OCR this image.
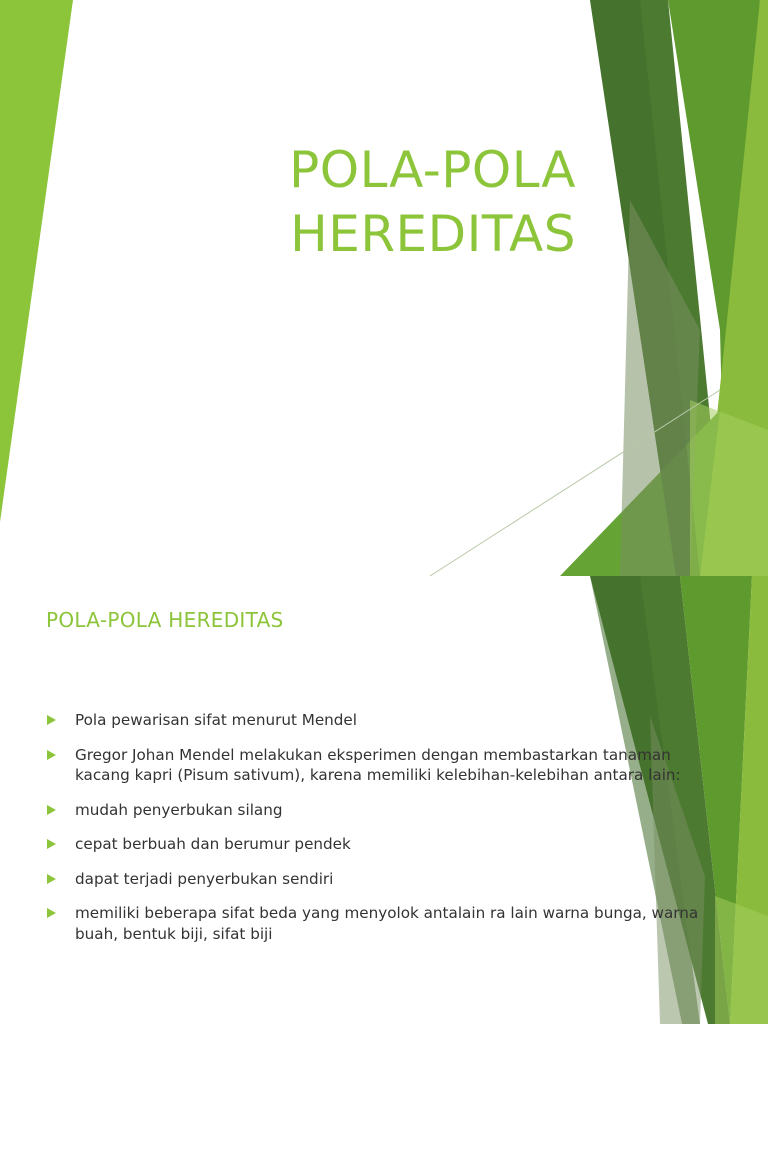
POLA-POLA
HEREDITAS
POLA-POLA HEREDITAS
Pola pewarisan sifat menurut Mendel
Gregor Johan Mendel melakukan eksperimen dengan membastarkan tanaman kacang kapri (Pisum sativum), karena memiliki kelebihan-kelebihan antara lain:
mudah penyerbukan silang
cepat berbuah dan berumur pendek
dapat terjadi penyerbukan sendiri
memiliki beberapa sifat beda yang menyolok antalain ra lain warna bunga, warna buah, bentuk biji, sifat biji
